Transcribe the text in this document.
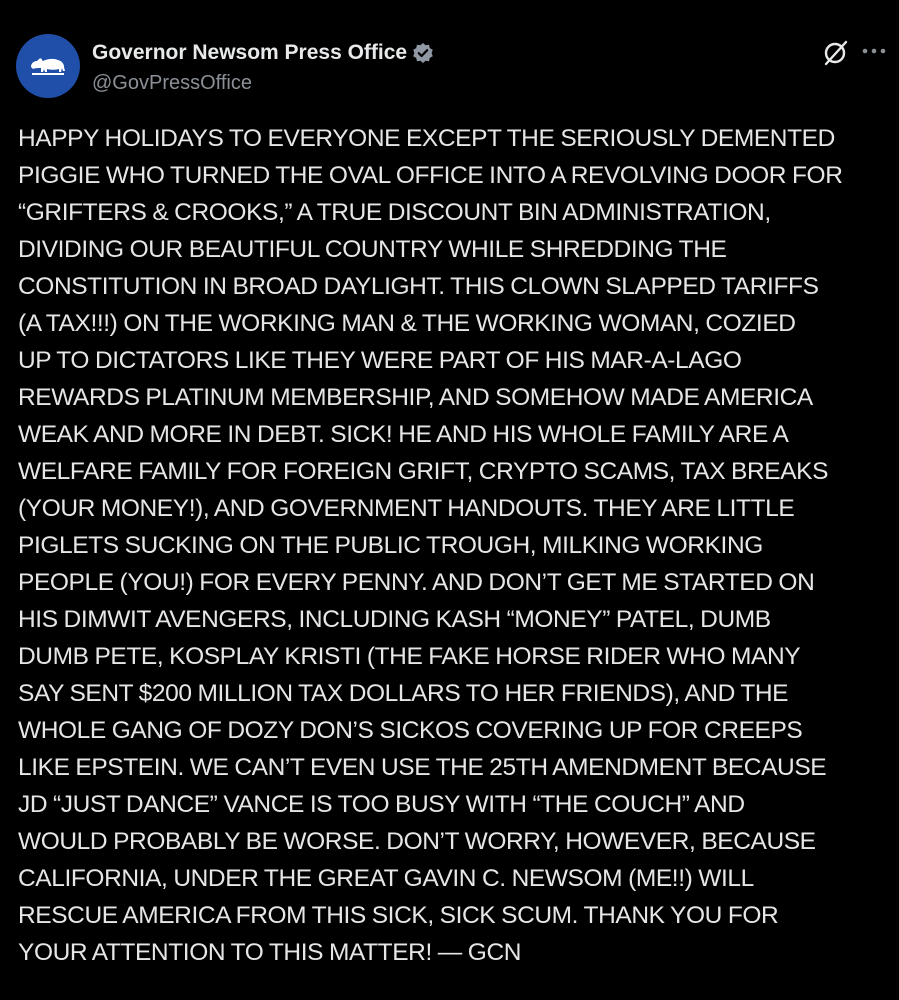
Governor Newsom Press Office
@GovPressOffice

HAPPY HOLIDAYS TO EVERYONE EXCEPT THE SERIOUSLY DEMENTED
PIGGIE WHO TURNED THE OVAL OFFICE INTO A REVOLVING DOOR FOR
“GRIFTERS & CROOKS,” A TRUE DISCOUNT BIN ADMINISTRATION,
DIVIDING OUR BEAUTIFUL COUNTRY WHILE SHREDDING THE
CONSTITUTION IN BROAD DAYLIGHT. THIS CLOWN SLAPPED TARIFFS
(A TAX!!!) ON THE WORKING MAN & THE WORKING WOMAN, COZIED
UP TO DICTATORS LIKE THEY WERE PART OF HIS MAR-A-LAGO
REWARDS PLATINUM MEMBERSHIP, AND SOMEHOW MADE AMERICA
WEAK AND MORE IN DEBT. SICK! HE AND HIS WHOLE FAMILY ARE A
WELFARE FAMILY FOR FOREIGN GRIFT, CRYPTO SCAMS, TAX BREAKS
(YOUR MONEY!), AND GOVERNMENT HANDOUTS. THEY ARE LITTLE
PIGLETS SUCKING ON THE PUBLIC TROUGH, MILKING WORKING
PEOPLE (YOU!) FOR EVERY PENNY. AND DON’T GET ME STARTED ON
HIS DIMWIT AVENGERS, INCLUDING KASH “MONEY” PATEL, DUMB
DUMB PETE, KOSPLAY KRISTI (THE FAKE HORSE RIDER WHO MANY
SAY SENT $200 MILLION TAX DOLLARS TO HER FRIENDS), AND THE
WHOLE GANG OF DOZY DON’S SICKOS COVERING UP FOR CREEPS
LIKE EPSTEIN. WE CAN’T EVEN USE THE 25TH AMENDMENT BECAUSE
JD “JUST DANCE” VANCE IS TOO BUSY WITH “THE COUCH” AND
WOULD PROBABLY BE WORSE. DON’T WORRY, HOWEVER, BECAUSE
CALIFORNIA, UNDER THE GREAT GAVIN C. NEWSOM (ME!!) WILL
RESCUE AMERICA FROM THIS SICK, SICK SCUM. THANK YOU FOR
YOUR ATTENTION TO THIS MATTER! — GCN
